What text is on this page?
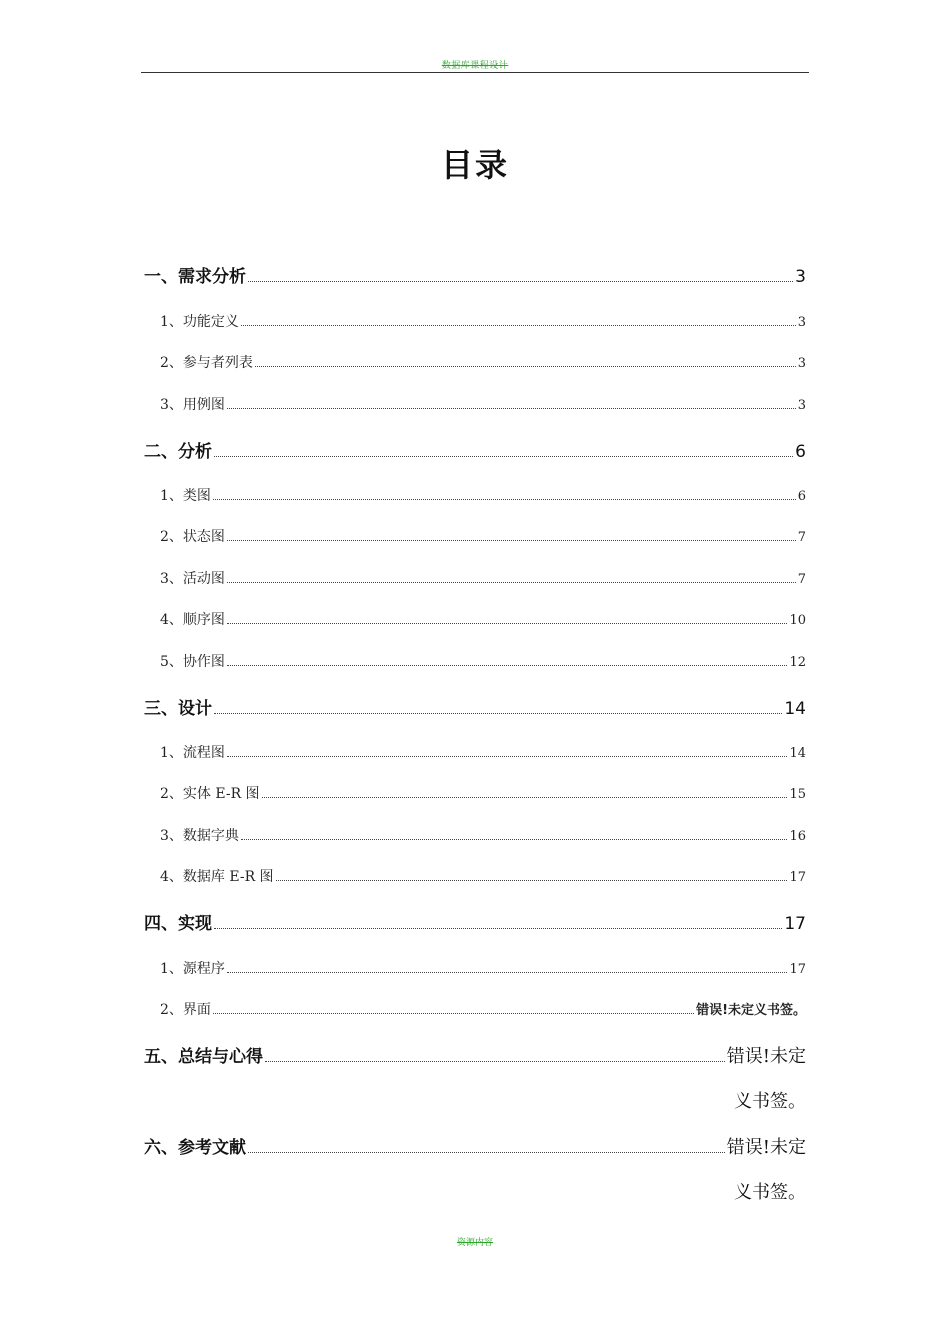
数据库课程设计
目录
一、需求分析	3
1、功能定义	3
2、参与者列表	3
3、用例图	3
二、分析	6
1、类图	6
2、状态图	7
3、活动图	7
4、顺序图	10
5、协作图	12
三、设计	14
1、流程图	14
2、实体 E-R 图	15
3、数据字典	16
4、数据库 E-R 图	17
四、实现	17
1、源程序	17
2、界面	错误!未定义书签。
五、总结与心得	错误!未定
义书签。
六、参考文献	错误!未定
义书签。
资源内容
